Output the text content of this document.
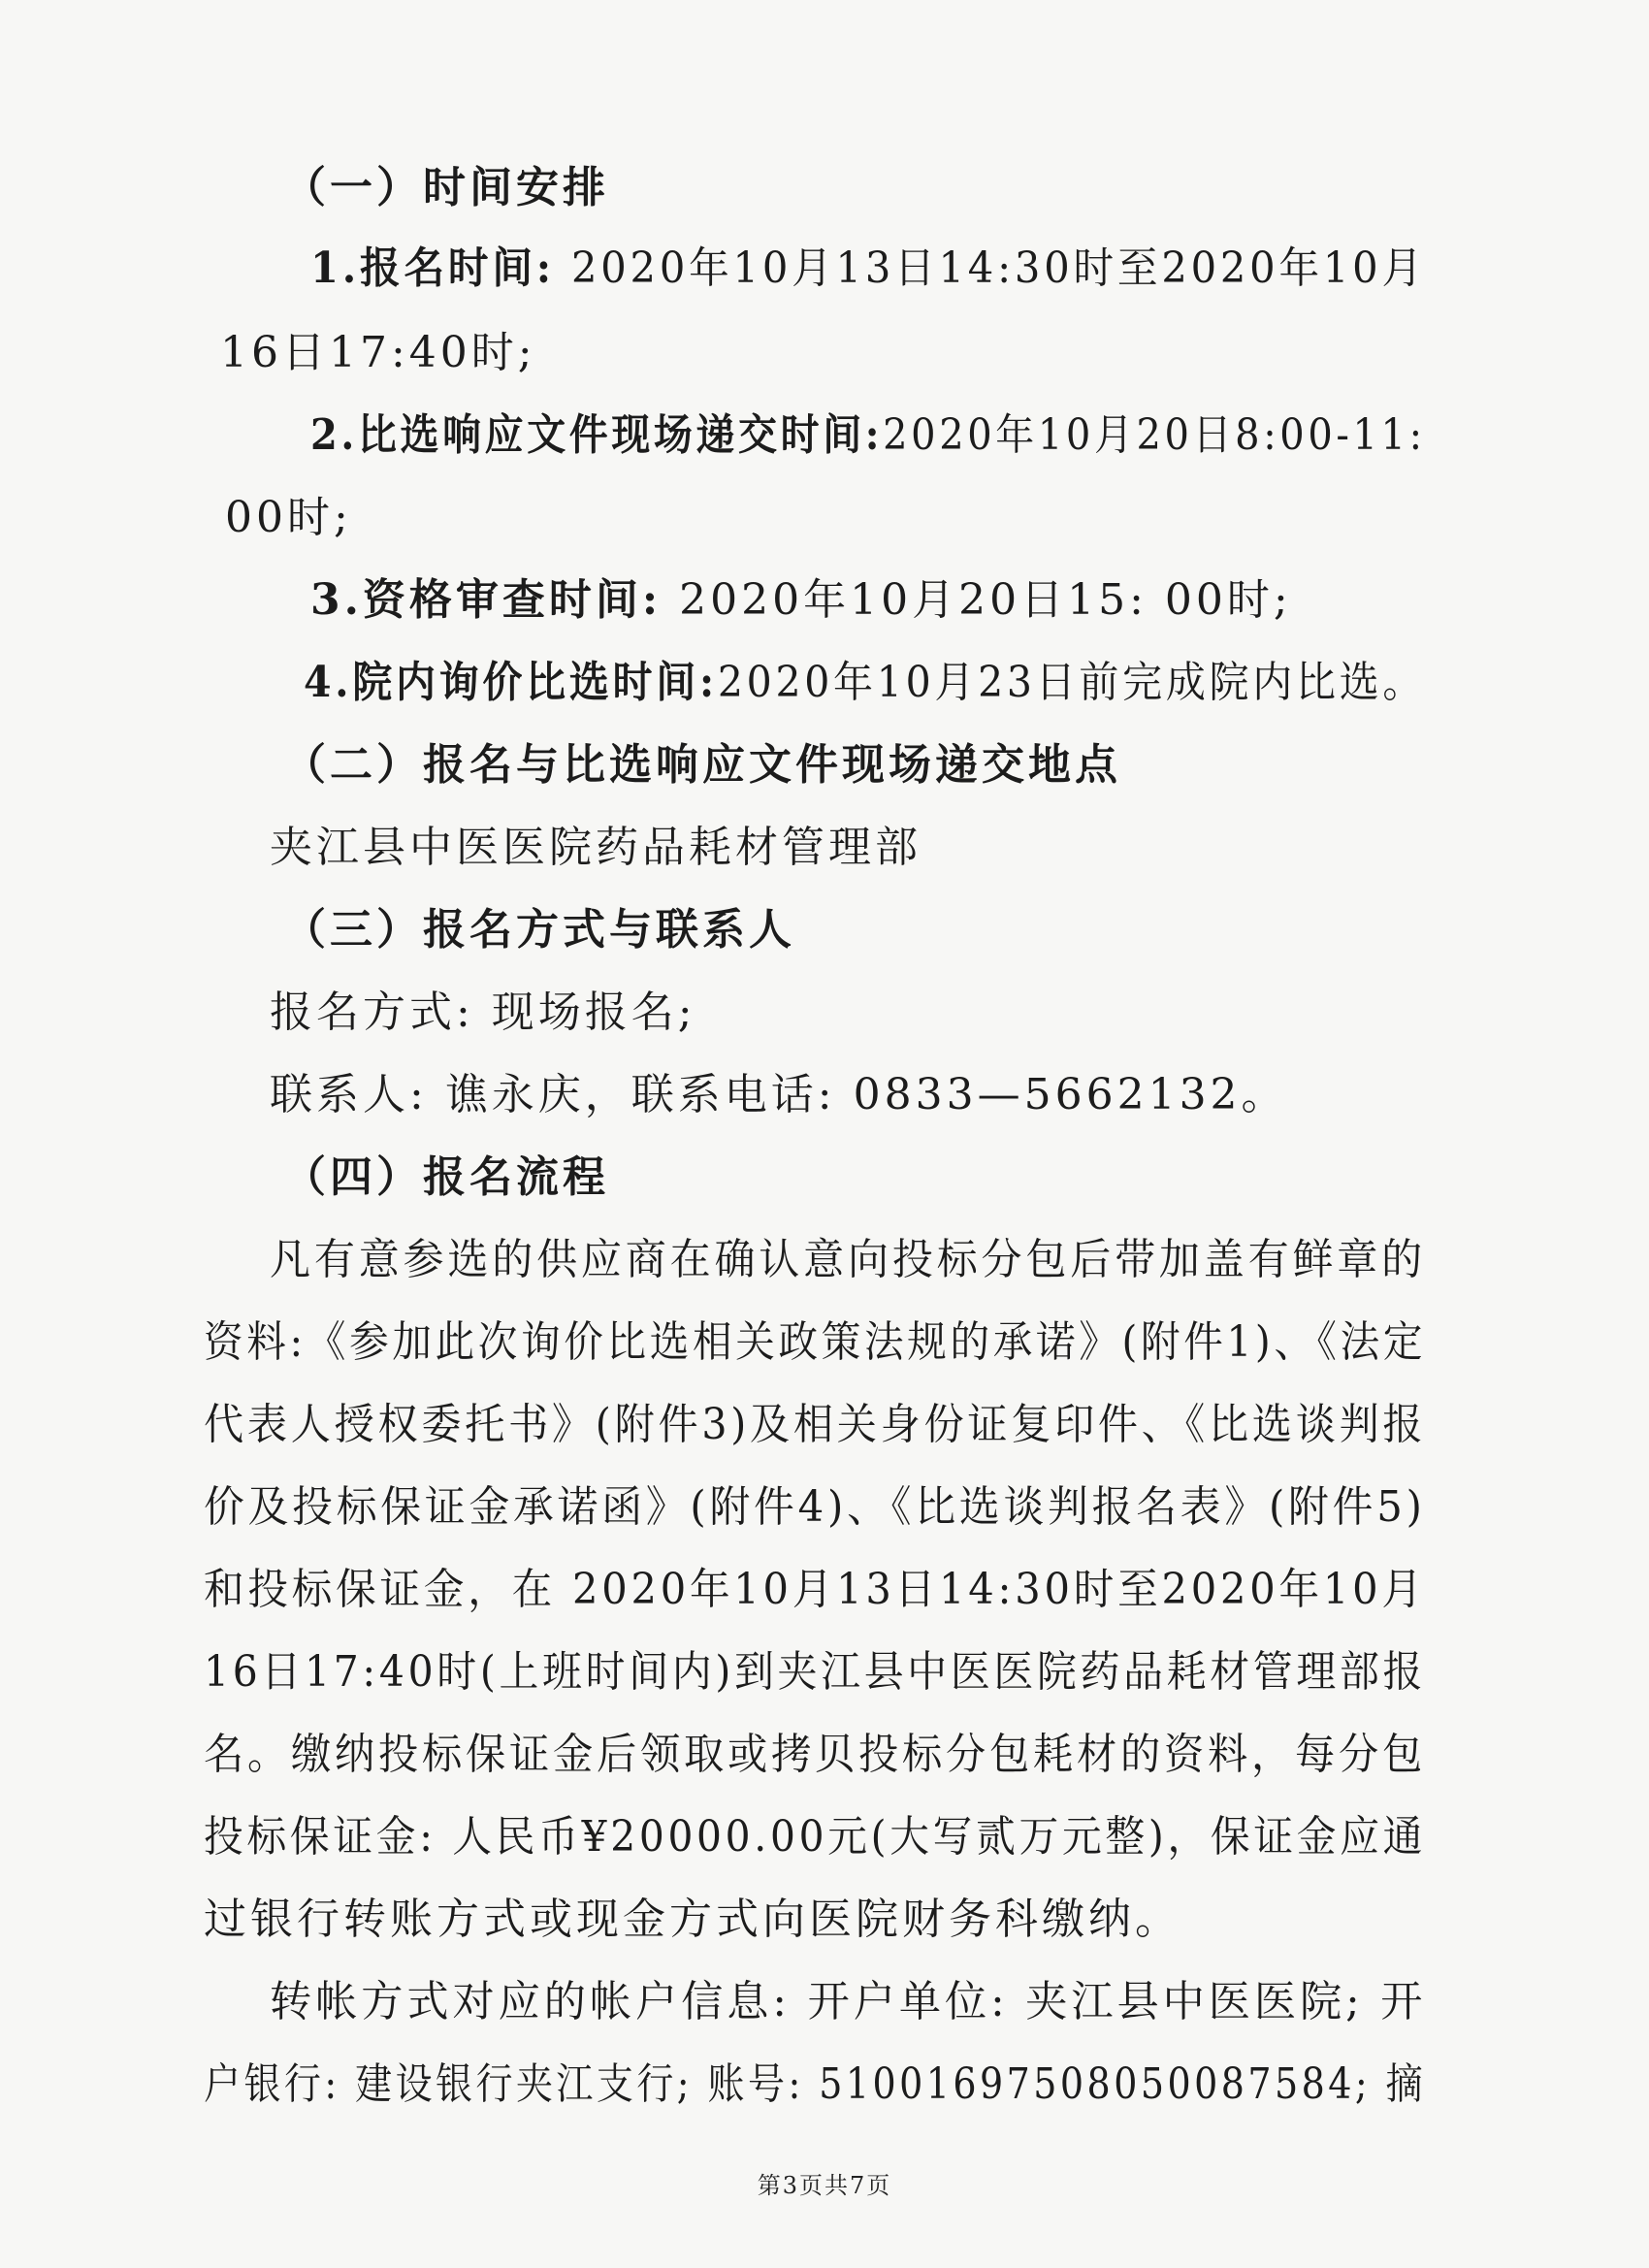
（一）时间安排
1.报名时间: 2020年10月13日14:30时至2020年10月
16日17:40时;
2.比选响应文件现场递交时间:2020年10月20日8:00-11:
00时;
3.资格审查时间: 2020年10月20日15: 00时;
4.院内询价比选时间:2020年10月23日前完成院内比选。
（二）报名与比选响应文件现场递交地点
夹江县中医医院药品耗材管理部
（三）报名方式与联系人
报名方式: 现场报名;
联系人: 谯永庆，联系电话: 0833—5662132。
（四）报名流程
凡有意参选的供应商在确认意向投标分包后带加盖有鲜章的
资料:《参加此次询价比选相关政策法规的承诺》(附件1)、《法定
代表人授权委托书》(附件3)及相关身份证复印件、《比选谈判报
价及投标保证金承诺函》(附件4)、《比选谈判报名表》(附件5)
和投标保证金，在 2020年10月13日14:30时至2020年10月
16日17:40时(上班时间内)到夹江县中医医院药品耗材管理部报
名。缴纳投标保证金后领取或拷贝投标分包耗材的资料，每分包
投标保证金: 人民币¥20000.00元(大写贰万元整)，保证金应通
过银行转账方式或现金方式向医院财务科缴纳。
转帐方式对应的帐户信息: 开户单位: 夹江县中医医院; 开
户银行: 建设银行夹江支行; 账号: 51001697508050087584; 摘
第3页共7页
